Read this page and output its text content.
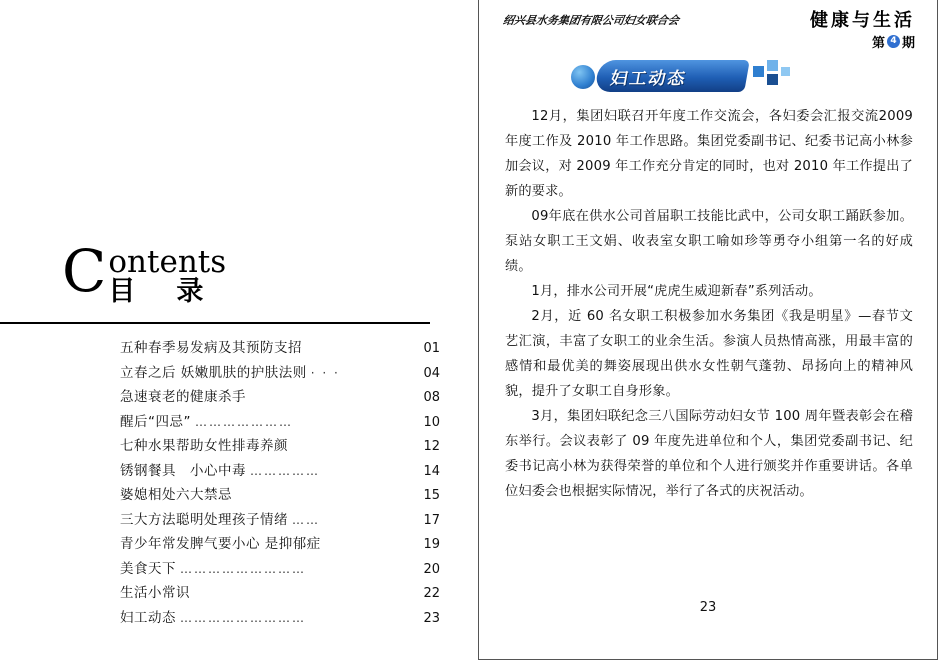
C ontents
目　录
五种春季易发病及其预防支招	01
立春之后 妖嫩肌肤的护肤法则 · · ·	04
急速衰老的健康杀手	08
醒后“四忌” …………………	10
七种水果帮助女性排毒养颜	12
锈钢餐具　小心中毒 ……………	14
婆媳相处六大禁忌	15
三大方法聪明处理孩子情绪 ……	17
青少年常发脾气要小心 是抑郁症	19
美食天下 ………………………	20
生活小常识	22
妇工动态 ………………………	23
绍兴县水务集团有限公司妇女联合会	健康与生活
第 4 期
妇工动态

12月，集团妇联召开年度工作交流会，各妇委会汇报交流2009年度工作及 2010 年工作思路。集团党委副书记、纪委书记高小林参加会议，对 2009 年工作充分肯定的同时，也对 2010 年工作提出了新的要求。

09年底在供水公司首届职工技能比武中，公司女职工踊跃参加。泵站女职工王文娟、收表室女职工喻如珍等勇夺小组第一名的好成绩。

1月，排水公司开展“虎虎生威迎新春”系列活动。

2月，近 60 名女职工积极参加水务集团《我是明星》—春节文艺汇演，丰富了女职工的业余生活。参演人员热情高涨，用最丰富的感情和最优美的舞姿展现出供水女性朝气蓬勃、昂扬向上的精神风貌，提升了女职工自身形象。

3月，集团妇联纪念三八国际劳动妇女节 100 周年暨表彰会在稽东举行。会议表彰了 09 年度先进单位和个人，集团党委副书记、纪委书记高小林为获得荣誉的单位和个人进行颁奖并作重要讲话。各单位妇委会也根据实际情况，举行了各式的庆祝活动。

23
